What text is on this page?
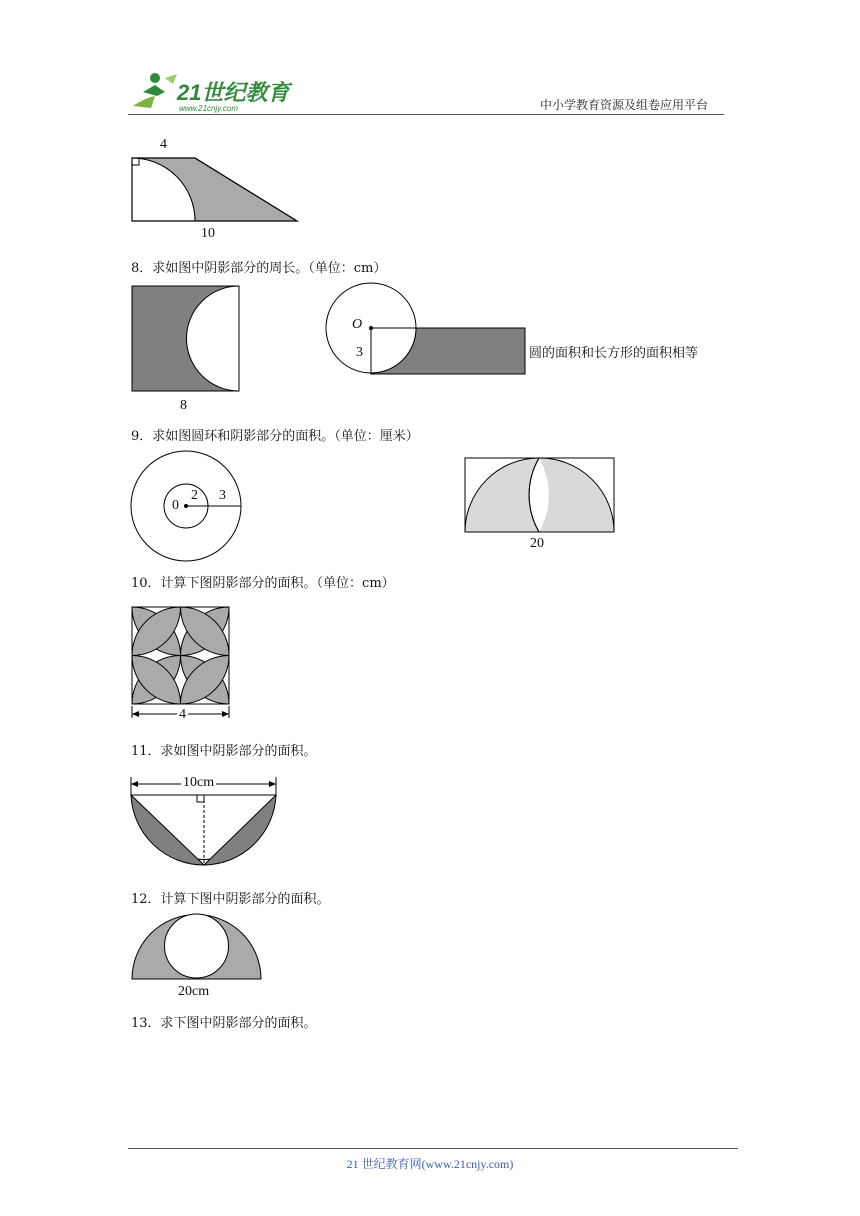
21世纪教育
www.21cnjy.com	中小学教育资源及组卷应用平台
4
10
8．求如图中阴影部分的周长。（单位：cm）
8
O
3	圆的面积和长方形的面积相等
9．求如图圆环和阴影部分的面积。（单位：厘米）
0
2 3
20
10．计算下图阴影部分的面积。（单位：cm）
4
11．求如图中阴影部分的面积。
10cm
12．计算下图中阴影部分的面积。
20cm
13．求下图中阴影部分的面积。
21 世纪教育网(www.21cnjy.com)
